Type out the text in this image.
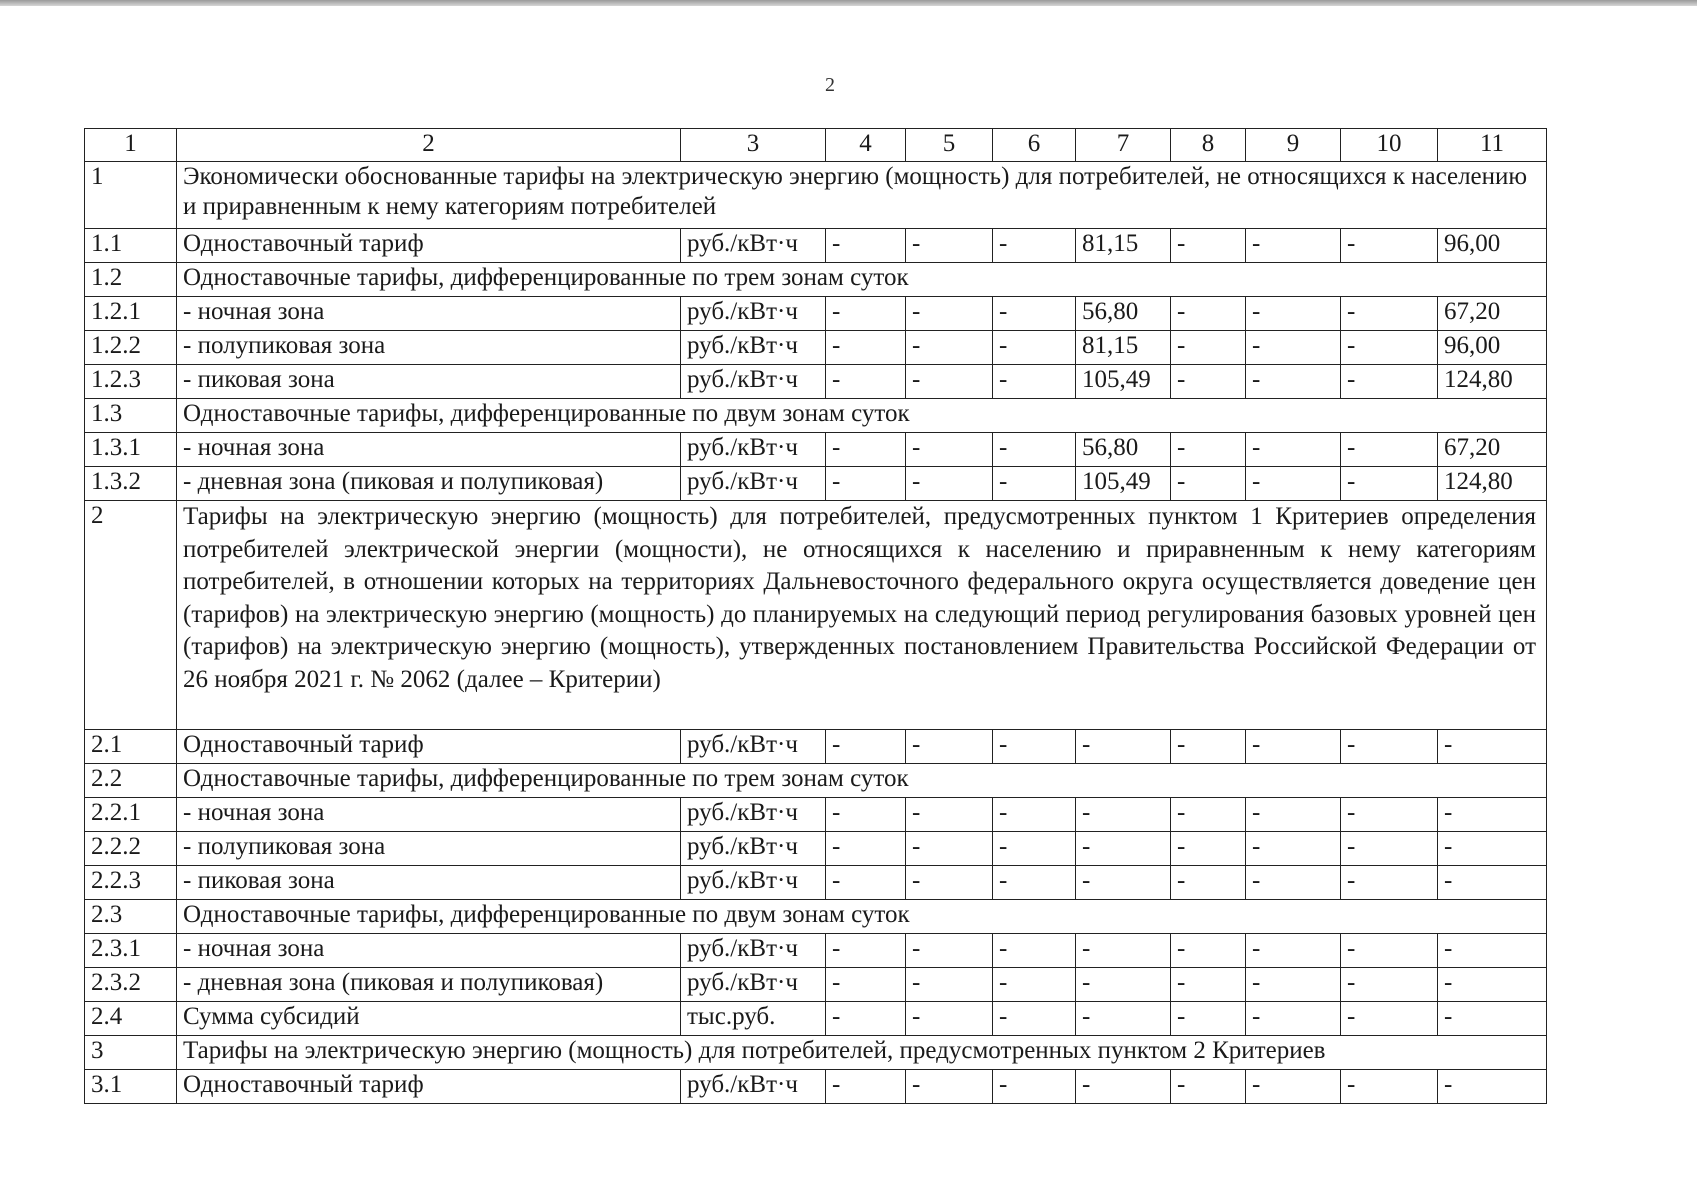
2
1	2	3	4	5	6	7	8	9	10	11
1	Экономически обоснованные тарифы на электрическую энергию (мощность) для потребителей, не относящихся к населению и приравненным к нему категориям потребителей									
1.1	Одноставочный тариф	руб./кВт·ч	-	-	-	81,15	-	-	-	96,00
1.2	Одноставочные тарифы, дифференцированные по трем зонам суток									
1.2.1	- ночная зона	руб./кВт·ч	-	-	-	56,80	-	-	-	67,20
1.2.2	- полупиковая зона	руб./кВт·ч	-	-	-	81,15	-	-	-	96,00
1.2.3	- пиковая зона	руб./кВт·ч	-	-	-	105,49	-	-	-	124,80
1.3	Одноставочные тарифы, дифференцированные по двум зонам суток									
1.3.1	- ночная зона	руб./кВт·ч	-	-	-	56,80	-	-	-	67,20
1.3.2	- дневная зона (пиковая и полупиковая)	руб./кВт·ч	-	-	-	105,49	-	-	-	124,80
2	Тарифы на электрическую энергию (мощность) для потребителей, предусмотренных пунктом 1 Критериев определения потребителей электрической энергии (мощности), не относящихся к населению и приравненным к нему категориям потребителей, в отношении которых на территориях Дальневосточного федерального округа осуществляется доведение цен (тарифов) на электрическую энергию (мощность) до планируемых на следующий период регулирования базовых уровней цен (тарифов) на электрическую энергию (мощность), утвержденных постановлением Правительства Российской Федерации от 26 ноября 2021 г. № 2062 (далее – Критерии)									
2.1	Одноставочный тариф	руб./кВт·ч	-	-	-	-	-	-	-	-
2.2	Одноставочные тарифы, дифференцированные по трем зонам суток									
2.2.1	- ночная зона	руб./кВт·ч	-	-	-	-	-	-	-	-
2.2.2	- полупиковая зона	руб./кВт·ч	-	-	-	-	-	-	-	-
2.2.3	- пиковая зона	руб./кВт·ч	-	-	-	-	-	-	-	-
2.3	Одноставочные тарифы, дифференцированные по двум зонам суток									
2.3.1	- ночная зона	руб./кВт·ч	-	-	-	-	-	-	-	-
2.3.2	- дневная зона (пиковая и полупиковая)	руб./кВт·ч	-	-	-	-	-	-	-	-
2.4	Сумма субсидий	тыс.руб.	-	-	-	-	-	-	-	-
3	Тарифы на электрическую энергию (мощность) для потребителей, предусмотренных пунктом 2 Критериев									
3.1	Одноставочный тариф	руб./кВт·ч	-	-	-	-	-	-	-	-
